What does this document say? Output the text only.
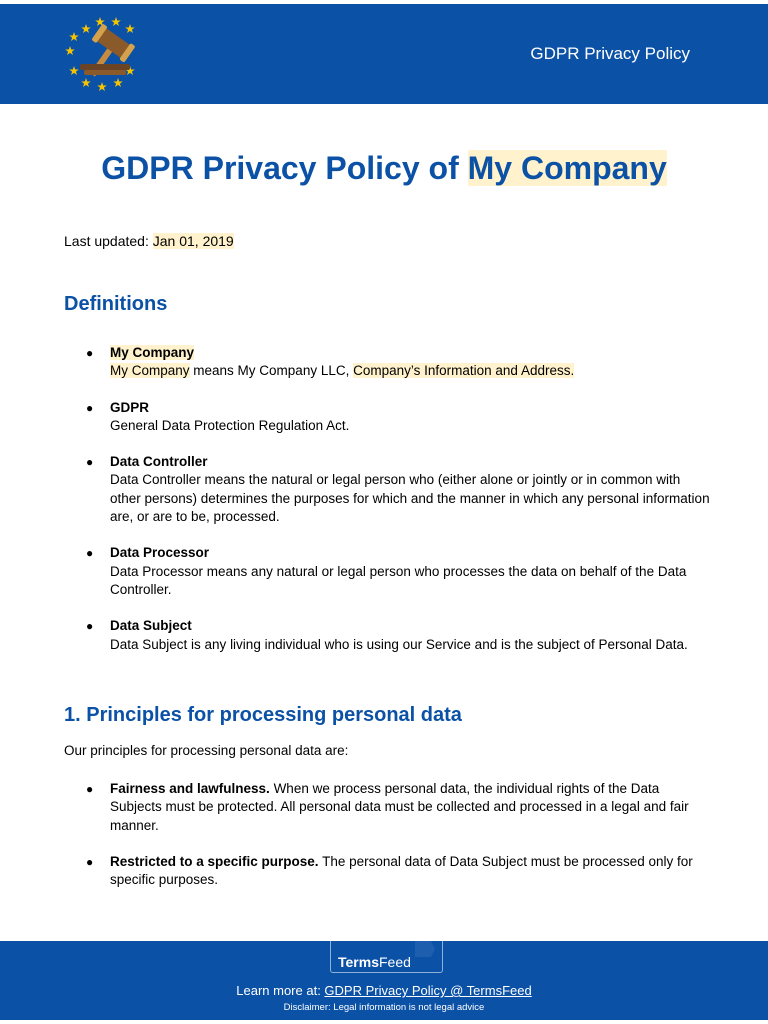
GDPR Privacy Policy
GDPR Privacy Policy of My Company
Last updated: Jan 01, 2019
Definitions
● My Company
My Company means My Company LLC, Company’s Information and Address.
● GDPR
General Data Protection Regulation Act.
● Data Controller
Data Controller means the natural or legal person who (either alone or jointly or in common with other persons) determines the purposes for which and the manner in which any personal information are, or are to be, processed.
● Data Processor
Data Processor means any natural or legal person who processes the data on behalf of the Data Controller.
● Data Subject
Data Subject is any living individual who is using our Service and is the subject of Personal Data.
1. Principles for processing personal data
Our principles for processing personal data are:
● Fairness and lawfulness. When we process personal data, the individual rights of the Data Subjects must be protected. All personal data must be collected and processed in a legal and fair manner.
● Restricted to a specific purpose. The personal data of Data Subject must be processed only for specific purposes.
TermsFeed
Learn more at: GDPR Privacy Policy @ TermsFeed
Disclaimer: Legal information is not legal advice
